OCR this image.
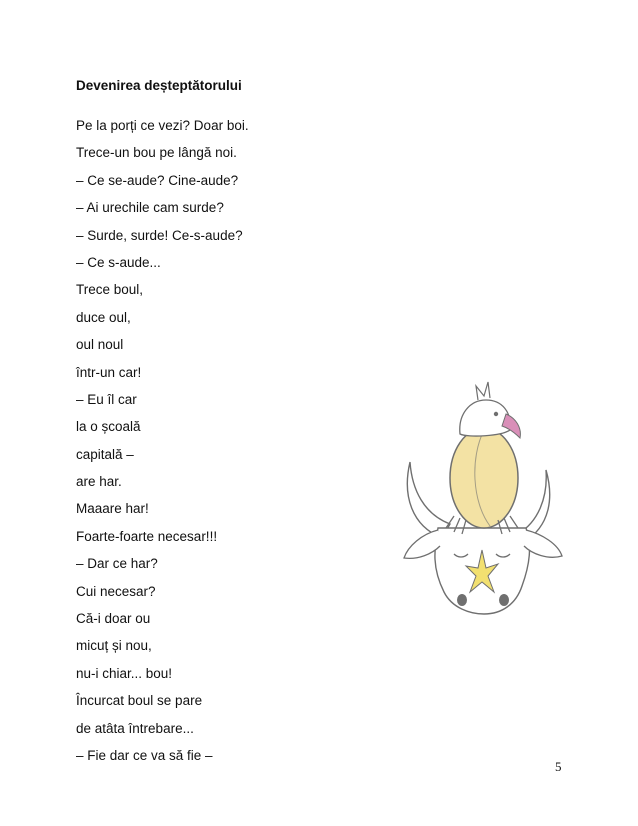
Devenirea deșteptătorului
Pe la porți ce vezi? Doar boi.
Trece-un bou pe lângă noi.
– Ce se-aude? Cine-aude?
– Ai urechile cam surde?
– Surde, surde! Ce-s-aude?
– Ce s-aude...
Trece boul,
duce oul,
oul noul
într-un car!
– Eu îl car
la o școală
capitală –
are har.
Maaare har!
Foarte-foarte necesar!!!
– Dar ce har?
Cui necesar?
Că-i doar ou
micuț și nou,
nu-i chiar... bou!
Încurcat boul se pare
de atâta întrebare...
– Fie dar ce va să fie –
5
